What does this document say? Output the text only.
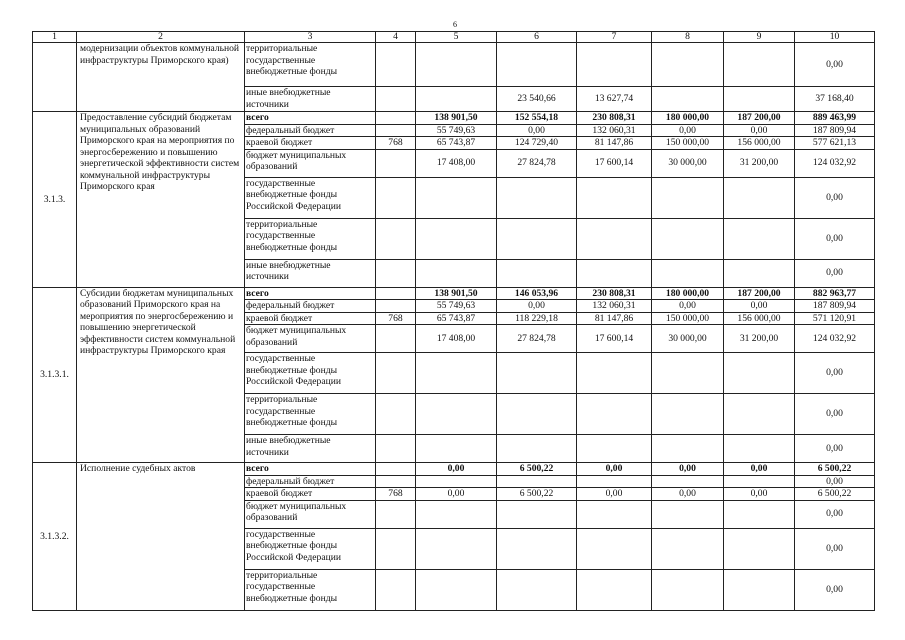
6
1	2	3	4	5	6	7	8	9	10
	модернизации объектов коммунальной инфраструктуры Приморского края)	территориальные государственные внебюджетные фонды							0,00
		иные внебюджетные источники			23 540,66	13 627,74			37 168,40
3.1.3.	Предоставление субсидий бюджетам муниципальных образований Приморского края на мероприятия по энергосбережению и повышению энергетической эффективности систем коммунальной инфраструктуры Приморского края	всего		138 901,50	152 554,18	230 808,31	180 000,00	187 200,00	889 463,99
		федеральный бюджет		55 749,63	0,00	132 060,31	0,00	0,00	187 809,94
		краевой бюджет	768	65 743,87	124 729,40	81 147,86	150 000,00	156 000,00	577 621,13
		бюджет муниципальных образований		17 408,00	27 824,78	17 600,14	30 000,00	31 200,00	124 032,92
		государственные внебюджетные фонды Российской Федерации							0,00
		территориальные государственные внебюджетные фонды							0,00
		иные внебюджетные источники							0,00
3.1.3.1.	Субсидии бюджетам муниципальных образований Приморского края на мероприятия по энергосбережению и повышению энергетической эффективности систем коммунальной инфраструктуры Приморского края	всего		138 901,50	146 053,96	230 808,31	180 000,00	187 200,00	882 963,77
		федеральный бюджет		55 749,63	0,00	132 060,31	0,00	0,00	187 809,94
		краевой бюджет	768	65 743,87	118 229,18	81 147,86	150 000,00	156 000,00	571 120,91
		бюджет муниципальных образований		17 408,00	27 824,78	17 600,14	30 000,00	31 200,00	124 032,92
		государственные внебюджетные фонды Российской Федерации							0,00
		территориальные государственные внебюджетные фонды							0,00
		иные внебюджетные источники							0,00
3.1.3.2.	Исполнение судебных актов	всего		0,00	6 500,22	0,00	0,00	0,00	6 500,22
		федеральный бюджет							0,00
		краевой бюджет	768	0,00	6 500,22	0,00	0,00	0,00	6 500,22
		бюджет муниципальных образований							0,00
		государственные внебюджетные фонды Российской Федерации							0,00
		территориальные государственные внебюджетные фонды							0,00
